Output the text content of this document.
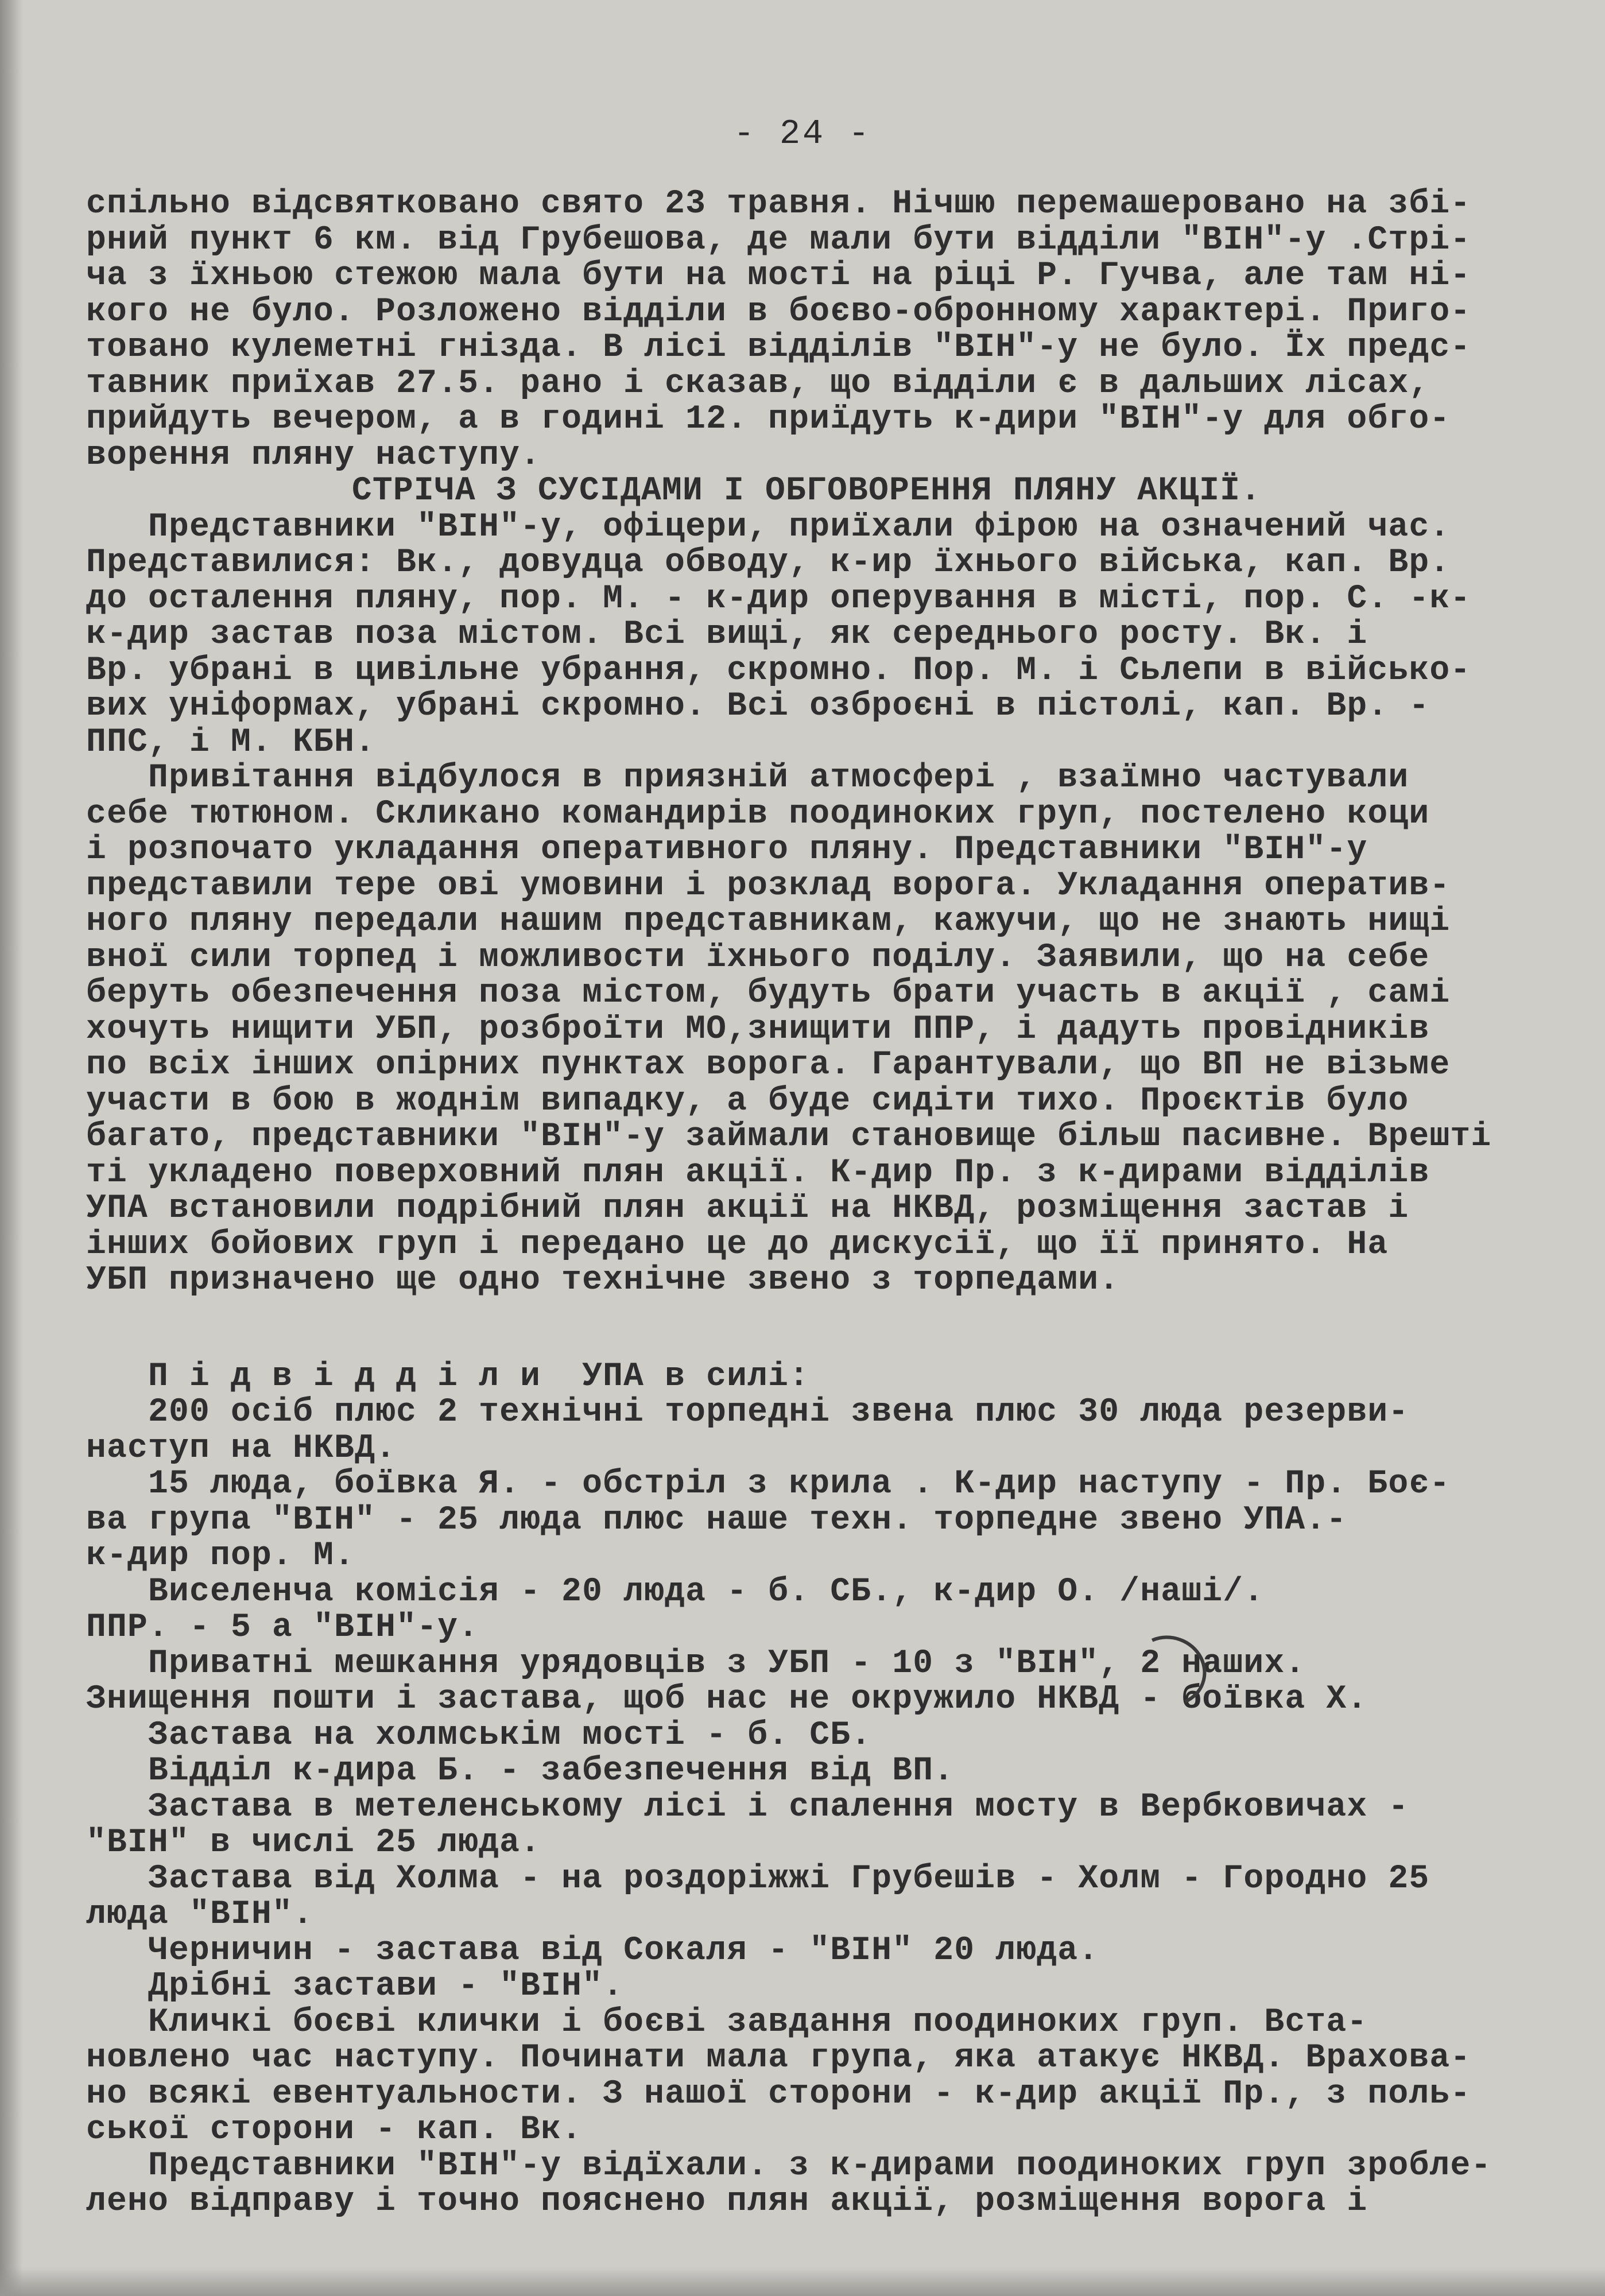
- 24 -
спільно відсвятковано свято 23 травня. Нічшю перемашеровано на збі-
рний пункт 6 км. від Грубешова, де мали бути відділи "ВІН"-у .Стрі-
ча з їхньою стежою мала бути на мості на ріці Р. Гучва, але там ні-
кого не було. Розложено відділи в боєво-обронному характері. Приго-
товано кулеметні гнізда. В лісі відділів "ВІН"-у не було. Їх предс-
тавник приїхав 27.5. рано і сказав, що відділи є в дальших лісах,
прийдуть вечером, а в годині 12. приїдуть к-дири "ВІН"-у для обго-
ворення пляну наступу.
СТРІЧА З СУСІДАМИ І ОБГОВОРЕННЯ ПЛЯНУ АКЦІЇ.
Представники "ВІН"-у, офіцери, приїхали фірою на означений час.
Представилися: Вк., довудца обводу, к-ир їхнього війська, кап. Вр.
до осталення пляну, пор. М. - к-дир оперування в місті, пор. С. -к-
к-дир застав поза містом. Всі вищі, як середнього росту. Вк. і
Вр. убрані в цивільне убрання, скромно. Пор. М. і Сьлепи в військо-
вих уніформах, убрані скромно. Всі озброєні в пістолі, кап. Вр. -
ППС, і М. КБН.
Привітання відбулося в приязній атмосфері , взаїмно частували
себе тютюном. Скликано командирів поодиноких груп, постелено коци
і розпочато укладання оперативного пляну. Представники "ВІН"-у
представили тере ові умовини і розклад ворога. Укладання оператив-
ного пляну передали нашим представникам, кажучи, що не знають нищі
вної сили торпед і можливости їхнього поділу. Заявили, що на себе
беруть обезпечення поза містом, будуть брати участь в акції , самі
хочуть нищити УБП, розброїти МО,знищити ППР, і дадуть провідників
по всіх інших опірних пунктах ворога. Гарантували, що ВП не візьме
участи в бою в жоднім випадку, а буде сидіти тихо. Проєктів було
багато, представники "ВІН"-у займали становище більш пасивне. Врешті
ті укладено поверховний плян акції. К-дир Пр. з к-дирами відділів
УПА встановили подрібний плян акції на НКВД, розміщення застав і
інших бойових груп і передано це до дискусії, що її принято. На
УБП призначено ще одно технічне звено з торпедами.
П і д в і д д і л и  УПА в силі:
200 осіб плюс 2 технічні торпедні звена плюс 30 люда резерви-
наступ на НКВД.
15 люда, боївка Я. - обстріл з крила . К-дир наступу - Пр. Боє-
ва група "ВІН" - 25 люда плюс наше техн. торпедне звено УПА.-
к-дир пор. М.
Виселенча комісія - 20 люда - б. СБ., к-дир О. /наші/.
ППР. - 5 а "ВІН"-у.
Приватні мешкання урядовців з УБП - 10 з "ВІН", 2 наших.
Знищення пошти і застава, щоб нас не окружило НКВД - боївка Х.
Застава на холмськім мості - б. СБ.
Відділ к-дира Б. - забезпечення від ВП.
Застава в метеленському лісі і спалення мосту в Вербковичах -
"ВІН" в числі 25 люда.
Застава від Холма - на роздоріжжі Грубешів - Холм - Городно 25
люда "ВІН".
Черничин - застава від Сокаля - "ВІН" 20 люда.
Дрібні застави - "ВІН".
Кличкі боєві клички і боєві завдання поодиноких груп. Вста-
новлено час наступу. Починати мала група, яка атакує НКВД. Врахова-
но всякі евентуальности. З нашої сторони - к-дир акції Пр., з поль-
ської сторони - кап. Вк.
Представники "ВІН"-у відїхали. з к-дирами поодиноких груп зробле-
лено відправу і точно пояснено плян акції, розміщення ворога і
